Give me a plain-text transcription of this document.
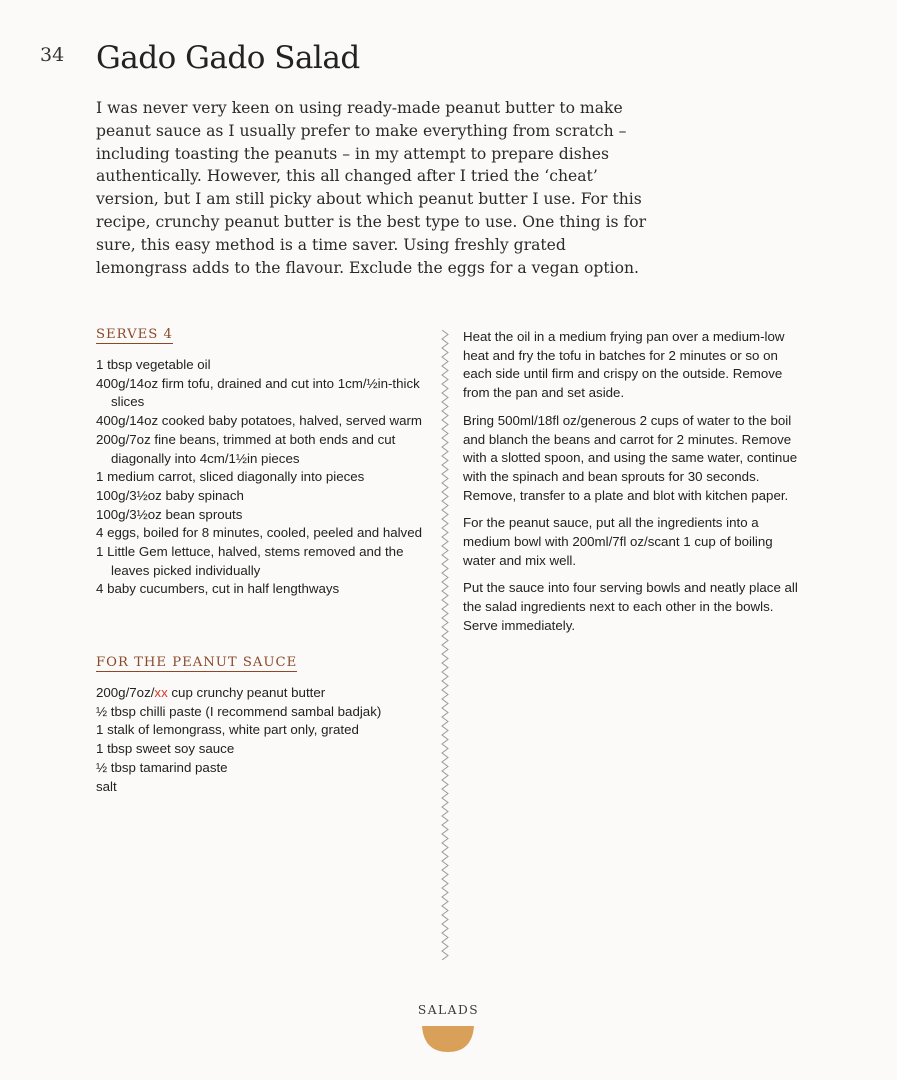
34 Gado Gado Salad

I was never very keen on using ready-made peanut butter to make peanut sauce as I usually prefer to make everything from scratch – including toasting the peanuts – in my attempt to prepare dishes authentically. However, this all changed after I tried the ‘cheat’ version, but I am still picky about which peanut butter I use. For this recipe, crunchy peanut butter is the best type to use. One thing is for sure, this easy method is a time saver. Using freshly grated lemongrass adds to the flavour. Exclude the eggs for a vegan option.

SERVES 4
1 tbsp vegetable oil
400g/14oz firm tofu, drained and cut into 1cm/½in-thick slices
400g/14oz cooked baby potatoes, halved, served warm
200g/7oz fine beans, trimmed at both ends and cut diagonally into 4cm/1½in pieces
1 medium carrot, sliced diagonally into pieces
100g/3½oz baby spinach
100g/3½oz bean sprouts
4 eggs, boiled for 8 minutes, cooled, peeled and halved
1 Little Gem lettuce, halved, stems removed and the leaves picked individually
4 baby cucumbers, cut in half lengthways
FOR THE PEANUT SAUCE
200g/7oz/xx cup crunchy peanut butter
½ tbsp chilli paste (I recommend sambal badjak)
1 stalk of lemongrass, white part only, grated
1 tbsp sweet soy sauce
½ tbsp tamarind paste
salt

Heat the oil in a medium frying pan over a medium-low heat and fry the tofu in batches for 2 minutes or so on each side until firm and crispy on the outside. Remove from the pan and set aside.

Bring 500ml/18fl oz/generous 2 cups of water to the boil and blanch the beans and carrot for 2 minutes. Remove with a slotted spoon, and using the same water, continue with the spinach and bean sprouts for 30 seconds. Remove, transfer to a plate and blot with kitchen paper.

For the peanut sauce, put all the ingredients into a medium bowl with 200ml/7fl oz/scant 1 cup of boiling water and mix well.

Put the sauce into four serving bowls and neatly place all the salad ingredients next to each other in the bowls. Serve immediately.

SALADS
